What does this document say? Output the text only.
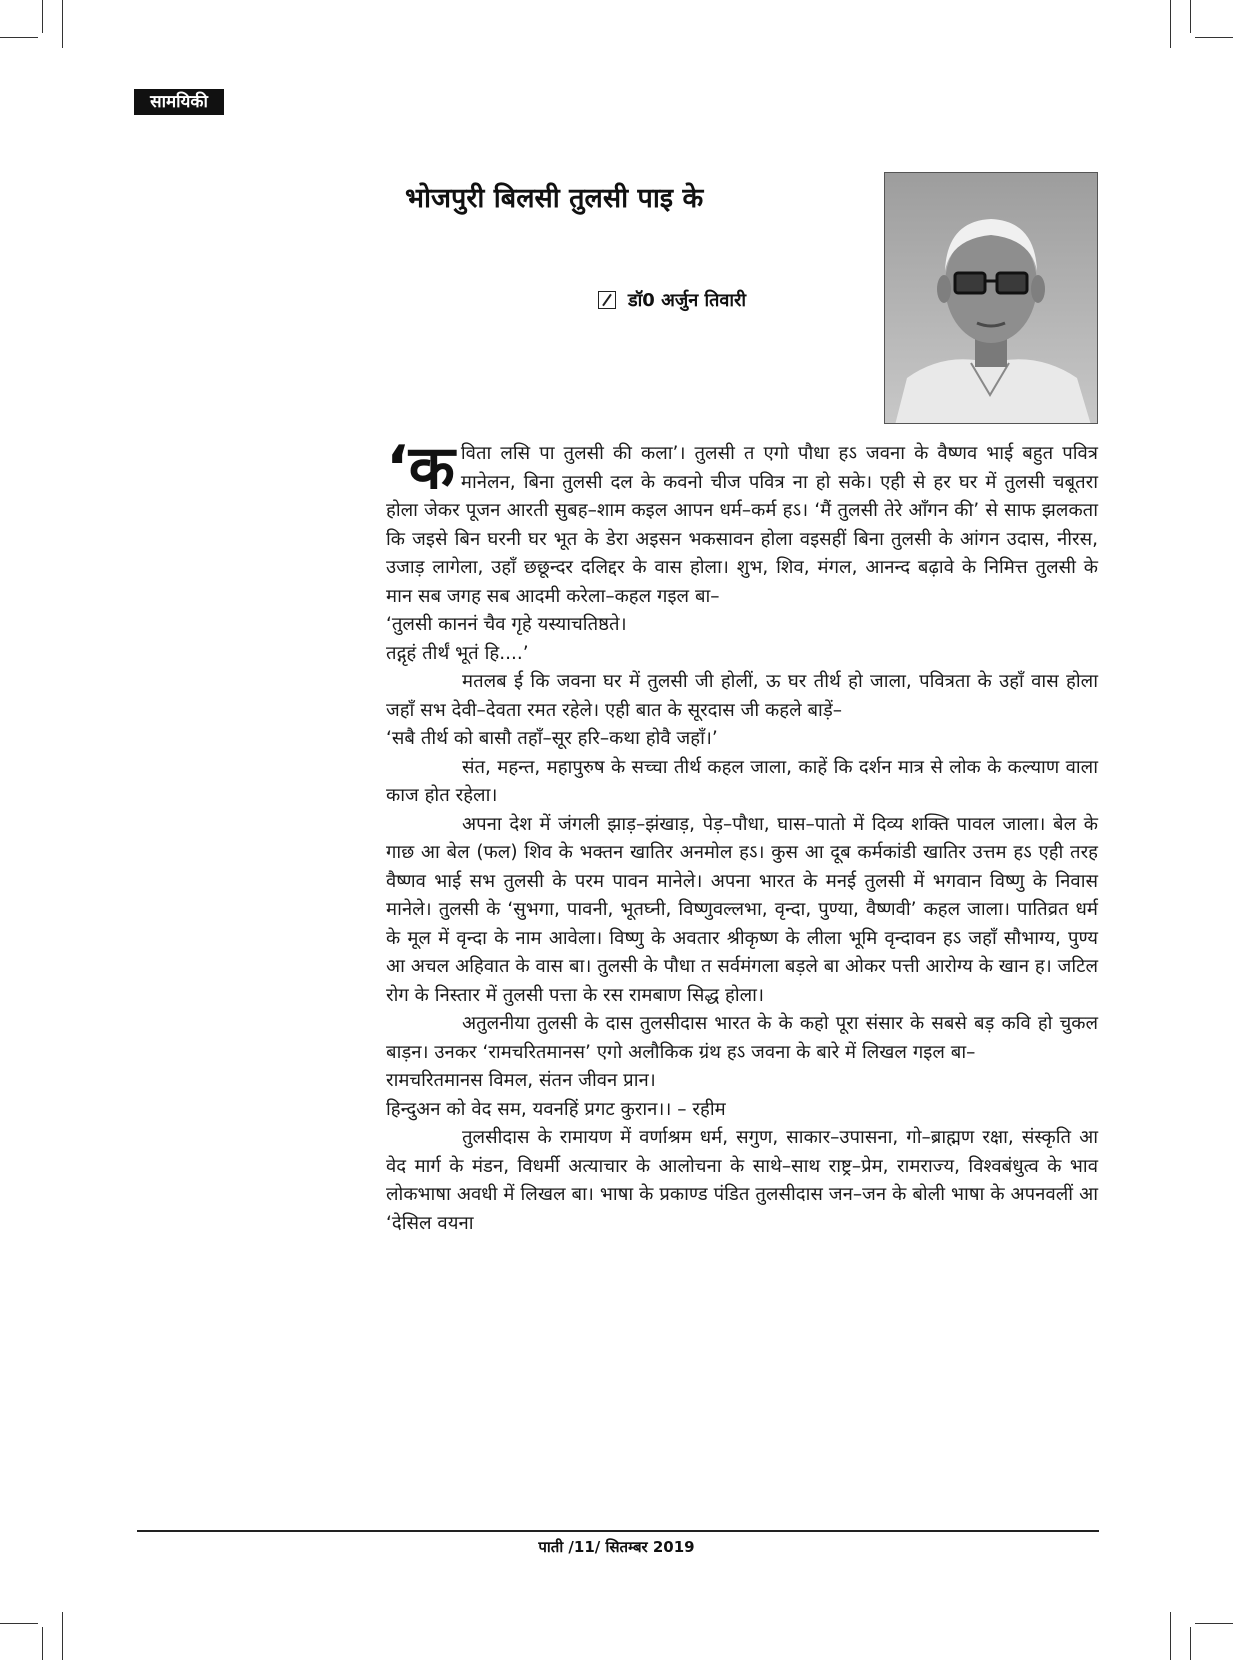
सामयिकी
भोजपुरी बिलसी तुलसी पाइ के
डॉ0 अर्जुन तिवारी

‘कविता लसि पा तुलसी की कला’। तुलसी त एगो पौधा हऽ जवना के वैष्णव भाई बहुत पवित्र मानेलन, बिना तुलसी दल के कवनो चीज पवित्र ना हो सके। एही से हर घर में तुलसी चबूतरा होला जेकर पूजन आरती सुबह–शाम कइल आपन धर्म–कर्म हऽ। ‘मैं तुलसी तेरे आँगन की’ से साफ झलकता कि जइसे बिन घरनी घर भूत के डेरा अइसन भकसावन होला वइसहीं बिना तुलसी के आंगन उदास, नीरस, उजाड़ लागेला, उहाँ छछून्दर दलिद्दर के वास होला। शुभ, शिव, मंगल, आनन्द बढ़ावे के निमित्त तुलसी के मान सब जगह सब आदमी करेला–कहल गइल बा–

‘तुलसी काननं चैव गृहे यस्याचतिष्ठते।

तद्गृहं तीर्थं भूतं हि....’

मतलब ई कि जवना घर में तुलसी जी होलीं, ऊ घर तीर्थ हो जाला, पवित्रता के उहाँ वास होला जहाँ सभ देवी–देवता रमत रहेले। एही बात के सूरदास जी कहले बाड़ें–

‘सबै तीर्थ को बासौ तहाँ–सूर हरि–कथा होवै जहाँ।’

संत, महन्त, महापुरुष के सच्चा तीर्थ कहल जाला, काहें कि दर्शन मात्र से लोक के कल्याण वाला काज होत रहेला।

अपना देश में जंगली झाड़–झंखाड़, पेड़–पौधा, घास–पातो में दिव्य शक्ति पावल जाला। बेल के गाछ आ बेल (फल) शिव के भक्तन खातिर अनमोल हऽ। कुस आ दूब कर्मकांडी खातिर उत्तम हऽ एही तरह वैष्णव भाई सभ तुलसी के परम पावन मानेले। अपना भारत के मनई तुलसी में भगवान विष्णु के निवास मानेले। तुलसी के ‘सुभगा, पावनी, भूतघ्नी, विष्णुवल्लभा, वृन्दा, पुण्या, वैष्णवी’ कहल जाला। पातिव्रत धर्म के मूल में वृन्दा के नाम आवेला। विष्णु के अवतार श्रीकृष्ण के लीला भूमि वृन्दावन हऽ जहाँ सौभाग्य, पुण्य आ अचल अहिवात के वास बा। तुलसी के पौधा त सर्वमंगला बड़ले बा ओकर पत्ती आरोग्य के खान ह। जटिल रोग के निस्तार में तुलसी पत्ता के रस रामबाण सिद्ध होला।

अतुलनीया तुलसी के दास तुलसीदास भारत के के कहो पूरा संसार के सबसे बड़ कवि हो चुकल बाड़न। उनकर ‘रामचरितमानस’ एगो अलौकिक ग्रंथ हऽ जवना के बारे में लिखल गइल बा–

रामचरितमानस विमल, संतन जीवन प्रान।

हिन्दुअन को वेद सम, यवनहिं प्रगट कुरान।। – रहीम

तुलसीदास के रामायण में वर्णाश्रम धर्म, सगुण, साकार–उपासना, गो–ब्राह्मण रक्षा, संस्कृति आ वेद मार्ग के मंडन, विधर्मी अत्याचार के आलोचना के साथे–साथ राष्ट्र–प्रेम, रामराज्य, विश्वबंधुत्व के भाव लोकभाषा अवधी में लिखल बा। भाषा के प्रकाण्ड पंडित तुलसीदास जन–जन के बोली भाषा के अपनवलीं आ ‘देसिल वयना

पाती /11/ सितम्बर 2019
